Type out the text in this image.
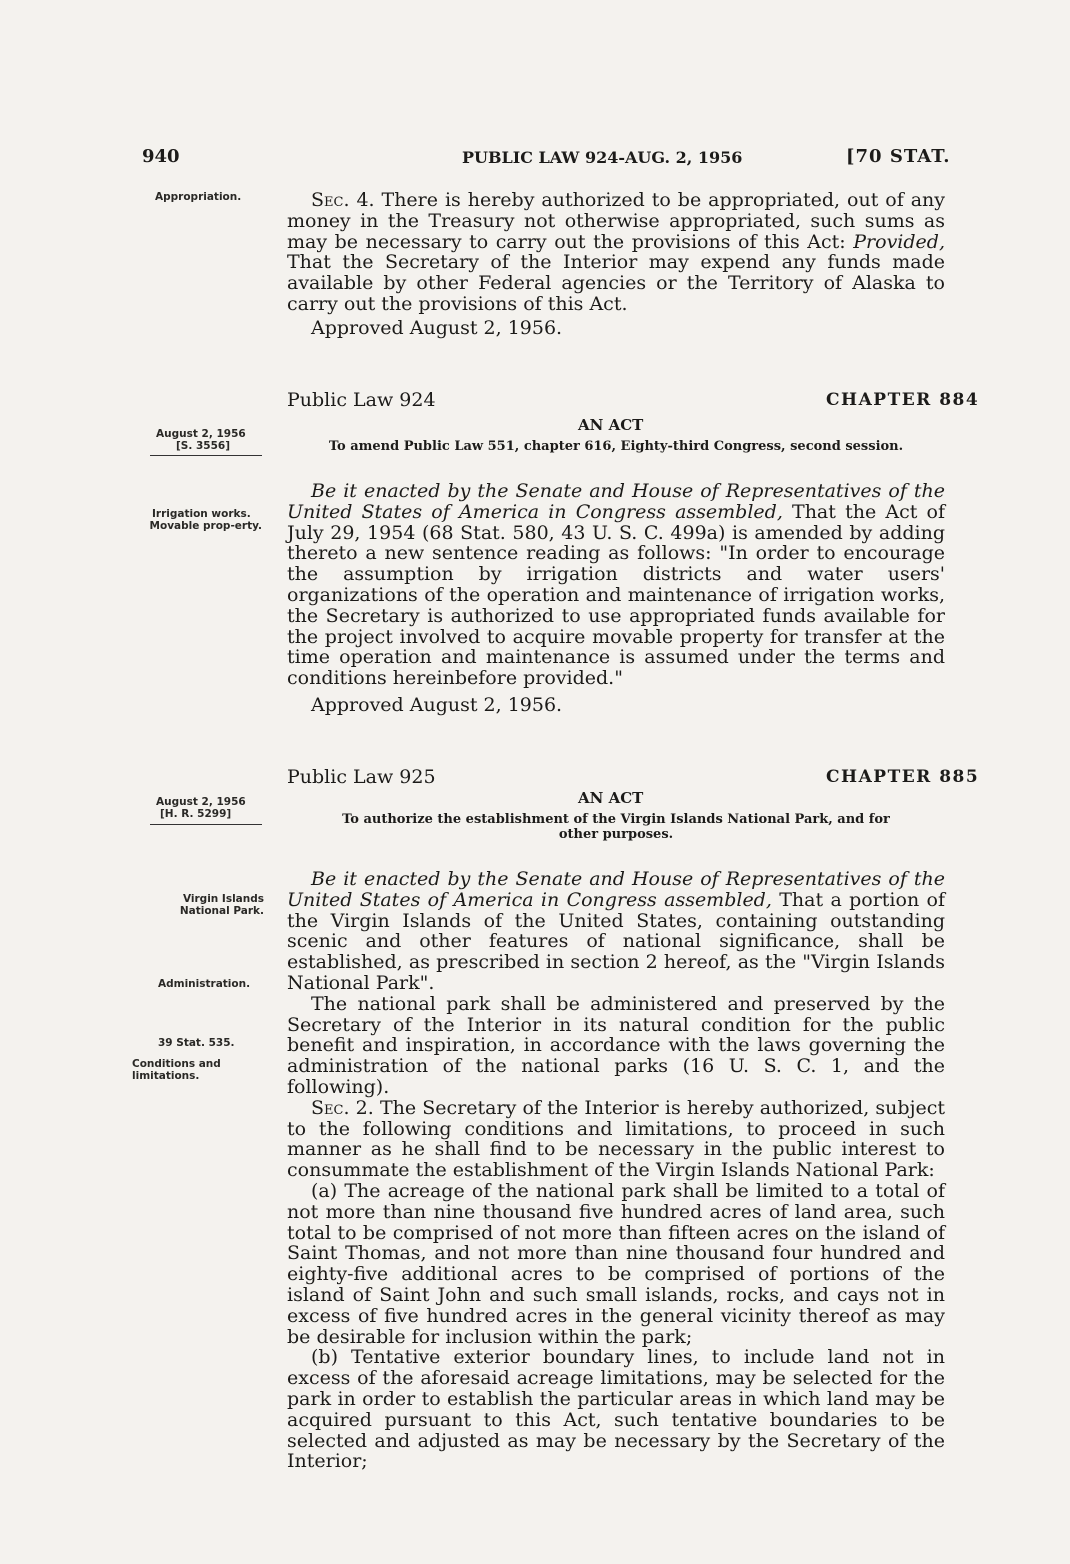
940	PUBLIC LAW 924-AUG. 2, 1956	[70 STAT.
Appropriation.
August 2, 1956
[S. 3556]
Irrigation works.
Movable prop-erty.
August 2, 1956
[H. R. 5299]
Virgin Islands National Park.
Administration.
39 Stat. 535.
Conditions and limitations.

Sec. 4. There is hereby authorized to be appropriated, out of any money in the Treasury not otherwise appropriated, such sums as may be necessary to carry out the provisions of this Act: Provided, That the Secretary of the Interior may expend any funds made available by other Federal agencies or the Territory of Alaska to carry out the provisions of this Act.

Approved August 2, 1956.
Public Law 924	CHAPTER 884
AN ACT
To amend Public Law 551, chapter 616, Eighty-third Congress, second session.

Be it enacted by the Senate and House of Representatives of the United States of America in Congress assembled, That the Act of July 29, 1954 (68 Stat. 580, 43 U. S. C. 499a) is amended by adding thereto a new sentence reading as follows: "In order to encourage the assumption by irrigation districts and water users' organizations of the operation and maintenance of irrigation works, the Secretary is authorized to use appropriated funds available for the project involved to acquire movable property for transfer at the time operation and maintenance is assumed under the terms and conditions hereinbefore provided."

Approved August 2, 1956.
Public Law 925	CHAPTER 885
AN ACT
To authorize the establishment of the Virgin Islands National Park, and for other purposes.

Be it enacted by the Senate and House of Representatives of the United States of America in Congress assembled, That a portion of the Virgin Islands of the United States, containing outstanding scenic and other features of national significance, shall be established, as prescribed in section 2 hereof, as the "Virgin Islands National Park".

The national park shall be administered and preserved by the Secretary of the Interior in its natural condition for the public benefit and inspiration, in accordance with the laws governing the administration of the national parks (16 U. S. C. 1, and the following).

Sec. 2. The Secretary of the Interior is hereby authorized, subject to the following conditions and limitations, to proceed in such manner as he shall find to be necessary in the public interest to consummate the establishment of the Virgin Islands National Park:

(a) The acreage of the national park shall be limited to a total of not more than nine thousand five hundred acres of land area, such total to be comprised of not more than fifteen acres on the island of Saint Thomas, and not more than nine thousand four hundred and eighty-five additional acres to be comprised of portions of the island of Saint John and such small islands, rocks, and cays not in excess of five hundred acres in the general vicinity thereof as may be desirable for inclusion within the park;

(b) Tentative exterior boundary lines, to include land not in excess of the aforesaid acreage limitations, may be selected for the park in order to establish the particular areas in which land may be acquired pursuant to this Act, such tentative boundaries to be selected and adjusted as may be necessary by the Secretary of the Interior;
